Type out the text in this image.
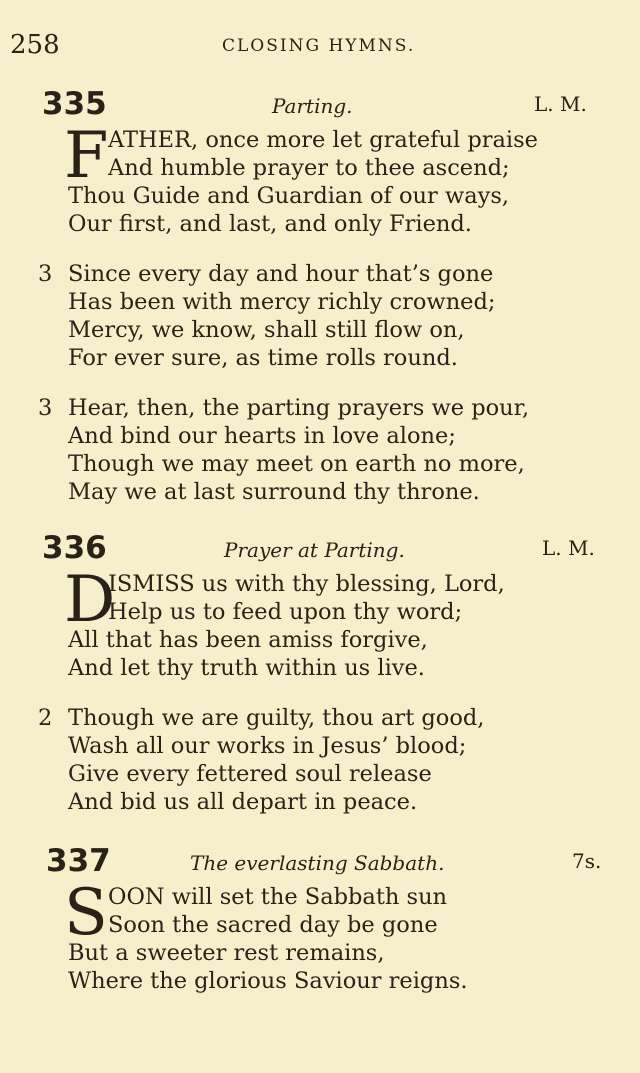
258	CLOSING HYMNS.
335	Parting.	L. M.
F ATHER, once more let grateful praise
And humble prayer to thee ascend;
Thou Guide and Guardian of our ways,
Our first, and last, and only Friend.
3 Since every day and hour that’s gone
Has been with mercy richly crowned;
Mercy, we know, shall still flow on,
For ever sure, as time rolls round.
3 Hear, then, the parting prayers we pour,
And bind our hearts in love alone;
Though we may meet on earth no more,
May we at last surround thy throne.
336	Prayer at Parting.	L. M.
D
ISMISS us with thy blessing, Lord,
Help us to feed upon thy word;
All that has been amiss forgive,
And let thy truth within us live.
2 Though we are guilty, thou art good,
Wash all our works in Jesus’ blood;
Give every fettered soul release
And bid us all depart in peace.
337	The everlasting Sabbath.	7s.
S OON will set the Sabbath sun
Soon the sacred day be gone
But a sweeter rest remains,
Where the glorious Saviour reigns.
